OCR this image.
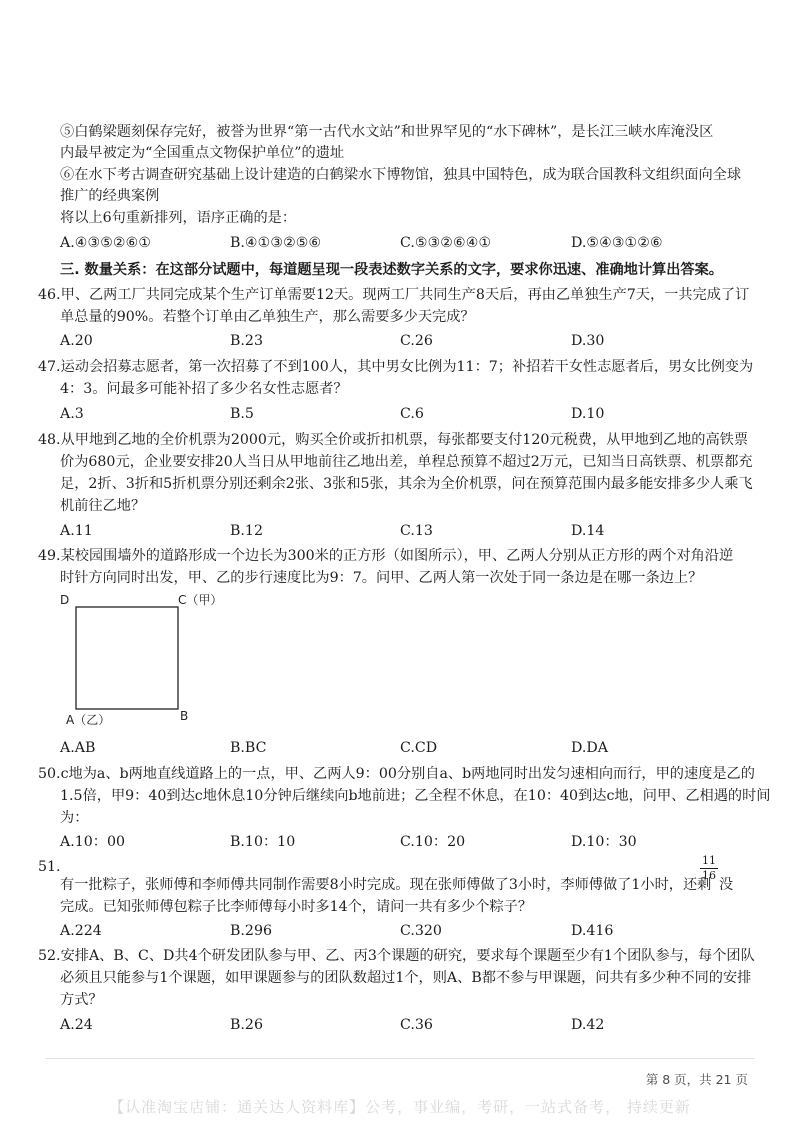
⑤白鹤梁题刻保存完好，被誉为世界“第一古代水文站”和世界罕见的“水下碑林”，是长江三峡水库淹没区
内最早被定为“全国重点文物保护单位”的遗址
⑥在水下考古调查研究基础上设计建造的白鹤梁水下博物馆，独具中国特色，成为联合国教科文组织面向全球
推广的经典案例
将以上6句重新排列，语序正确的是：
A.④③⑤②⑥①	B.④①③②⑤⑥	C.⑤③②⑥④①	D.⑤④③①②⑥
三. 数量关系：在这部分试题中，每道题呈现一段表述数字关系的文字，要求你迅速、准确地计算出答案。
46.甲、乙两工厂共同完成某个生产订单需要12天。现两工厂共同生产8天后，再由乙单独生产7天，一共完成了订
单总量的90%。若整个订单由乙单独生产，那么需要多少天完成？
A.20	B.23	C.26	D.30
47.运动会招募志愿者，第一次招募了不到100人，其中男女比例为11：7；补招若干女性志愿者后，男女比例变为
4：3。问最多可能补招了多少名女性志愿者？
A.3	B.5	C.6	D.10
48.从甲地到乙地的全价机票为2000元，购买全价或折扣机票，每张都要支付120元税费，从甲地到乙地的高铁票
价为680元，企业要安排20人当日从甲地前往乙地出差，单程总预算不超过2万元，已知当日高铁票、机票都充
足，2折、3折和5折机票分别还剩余2张、3张和5张，其余为全价机票，问在预算范围内最多能安排多少人乘飞
机前往乙地？
A.11	B.12	C.13	D.14
49.某校园围墙外的道路形成一个边长为300米的正方形（如图所示），甲、乙两人分别从正方形的两个对角沿逆
时针方向同时出发，甲、乙的步行速度比为9：7。问甲、乙两人第一次处于同一条边是在哪一条边上？
D	C（甲）
A（乙）	B
A.AB	B.BC	C.CD	D.DA
50.c地为a、b两地直线道路上的一点，甲、乙两人9：00分别自a、b两地同时出发匀速相向而行，甲的速度是乙的
1.5倍，甲9：40到达c地休息10分钟后继续向b地前进；乙全程不休息，在10：40到达c地，问甲、乙相遇的时间
为：
A.10：00	B.10：10	C.10：20	D.10：30
51.
有一批粽子，张师傅和李师傅共同制作需要8小时完成。现在张师傅做了3小时，李师傅做了1小时，还剩
11
16
没
完成。已知张师傅包粽子比李师傅每小时多14个，请问一共有多少个粽子？
A.224	B.296	C.320	D.416
52.安排A、B、C、D共4个研发团队参与甲、乙、丙3个课题的研究，要求每个课题至少有1个团队参与，每个团队
必须且只能参与1个课题，如甲课题参与的团队数超过1个，则A、B都不参与甲课题，问共有多少种不同的安排
方式？
A.24	B.26	C.36	D.42
第 8 页，共 21 页
【认准淘宝店铺：通关达人资料库】公考，事业编，考研，一站式备考， 持续更新
